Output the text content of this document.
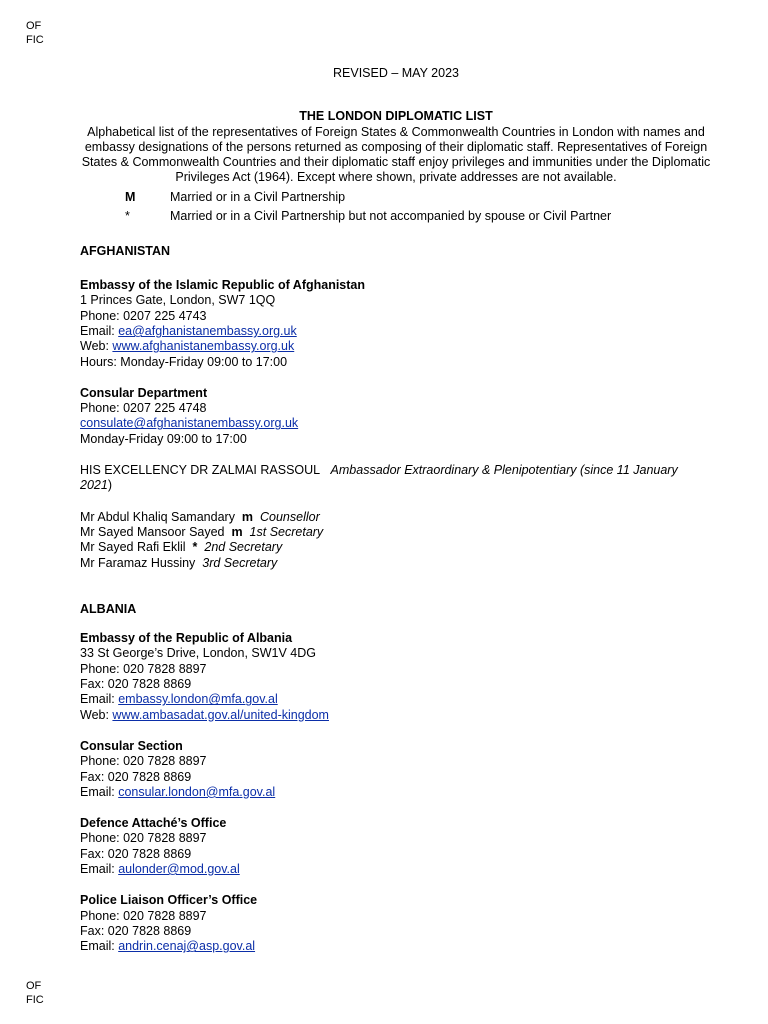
OF
FIC
REVISED – MAY 2023
THE LONDON DIPLOMATIC LIST
Alphabetical list of the representatives of Foreign States & Commonwealth Countries in London with names and embassy designations of the persons returned as composing of their diplomatic staff. Representatives of Foreign States & Commonwealth Countries and their diplomatic staff enjoy privileges and immunities under the Diplomatic Privileges Act (1964). Except where shown, private addresses are not available.
M	Married or in a Civil Partnership
*	Married or in a Civil Partnership but not accompanied by spouse or Civil Partner
AFGHANISTAN
Embassy of the Islamic Republic of Afghanistan
1 Princes Gate, London, SW7 1QQ
Phone: 0207 225 4743
Email: ea@afghanistanembassy.org.uk
Web: www.afghanistanembassy.org.uk
Hours: Monday-Friday 09:00 to 17:00
Consular Department
Phone: 0207 225 4748
consulate@afghanistanembassy.org.uk
Monday-Friday 09:00 to 17:00
HIS EXCELLENCY DR ZALMAI RASSOUL Ambassador Extraordinary & Plenipotentiary (since 11 January 2021)
Mr Abdul Khaliq Samandary m Counsellor
Mr Sayed Mansoor Sayed m 1st Secretary
Mr Sayed Rafi Eklil * 2nd Secretary
Mr Faramaz Hussiny 3rd Secretary
ALBANIA
Embassy of the Republic of Albania
33 St George’s Drive, London, SW1V 4DG
Phone: 020 7828 8897
Fax: 020 7828 8869
Email: embassy.london@mfa.gov.al
Web: www.ambasadat.gov.al/united-kingdom
Consular Section
Phone: 020 7828 8897
Fax: 020 7828 8869
Email: consular.london@mfa.gov.al
Defence Attaché’s Office
Phone: 020 7828 8897
Fax: 020 7828 8869
Email: aulonder@mod.gov.al
Police Liaison Officer’s Office
Phone: 020 7828 8897
Fax: 020 7828 8869
Email: andrin.cenaj@asp.gov.al
OF
FIC
